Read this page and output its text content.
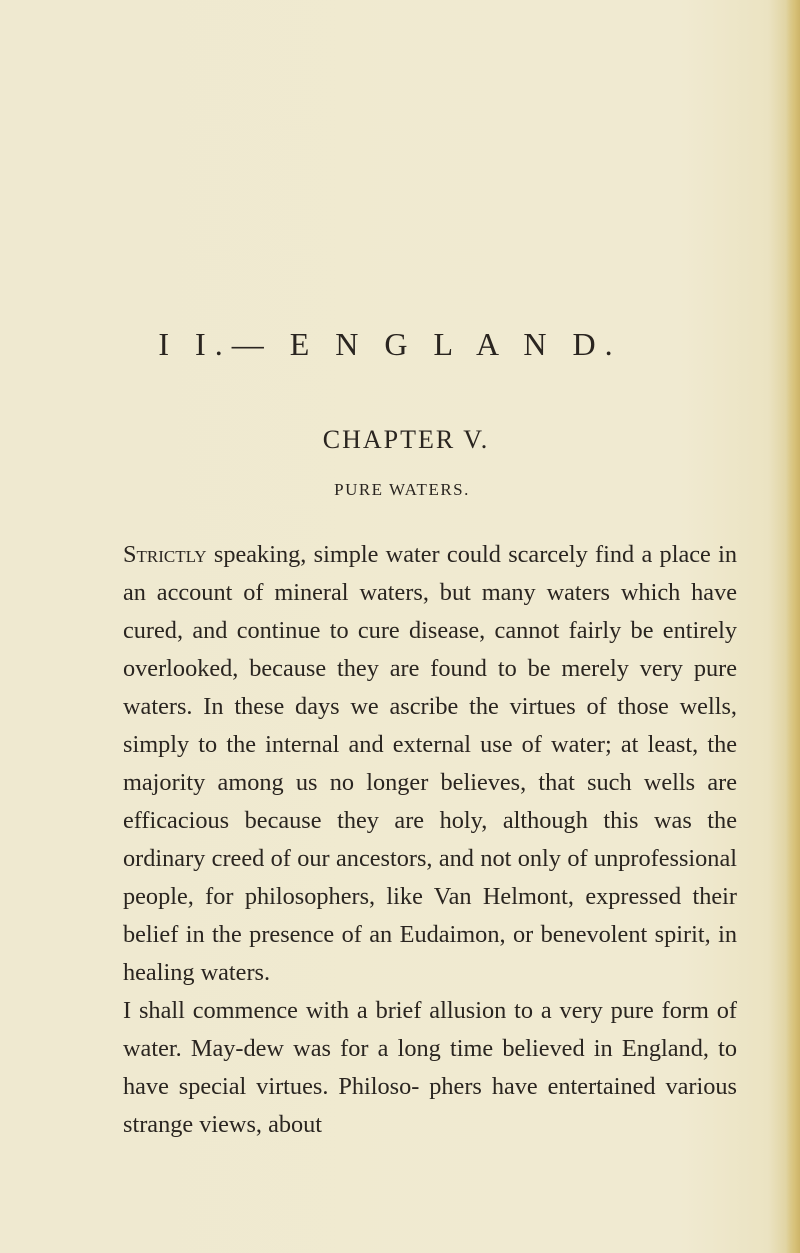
I I.— E N G L A N D.
CHAPTER V.
PURE WATERS.

Strictly speaking, simple water could scarcely find a place in an account of mineral waters, but many waters which have cured, and continue to cure disease, cannot fairly be entirely overlooked, because they are found to be merely very pure waters. In these days we ascribe the virtues of those wells, simply to the internal and external use of water; at least, the majority among us no longer believes, that such wells are efficacious because they are holy, although this was the ordinary creed of our ancestors, and not only of unprofessional people, for philosophers, like Van Helmont, expressed their belief in the presence of an Eudaimon, or benevolent spirit, in healing waters.

I shall commence with a brief allusion to a very pure form of water. May-dew was for a long time believed in England, to have special virtues. Philoso- phers have entertained various strange views, about
